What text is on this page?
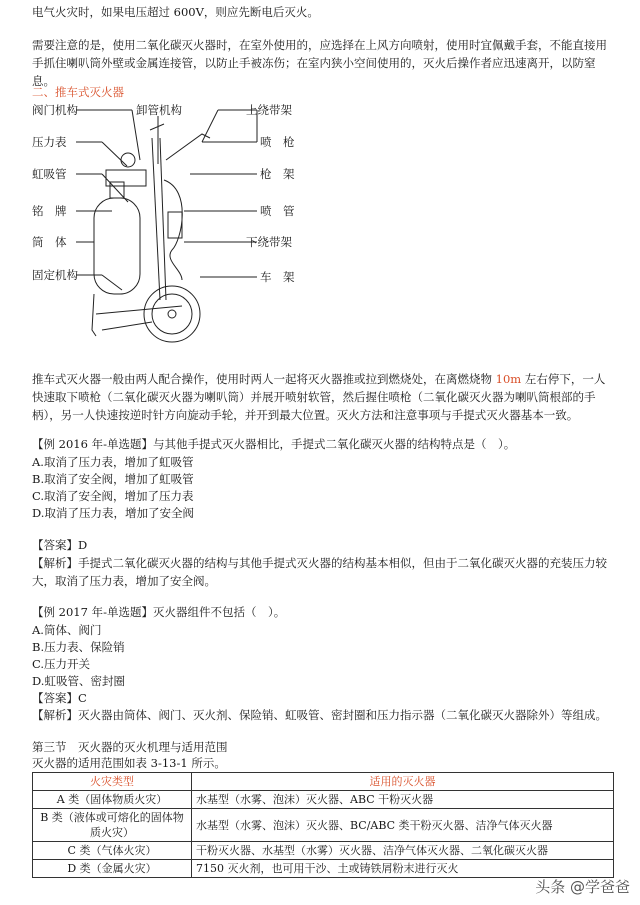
电气火灾时，如果电压超过 600V，则应先断电后灭火。
需要注意的是，使用二氧化碳灭火器时，在室外使用的，应选择在上风方向喷射，使用时宜佩戴手套，不能直接用手抓住喇叭筒外壁或金属连接管，以防止手被冻伤；在室内狭小空间使用的，灭火后操作者应迅速离开，以防窒息。
二、推车式灭火器
阀门机构
压力表
虹吸管
铭　牌
筒　体
固定机构
卸管机构	上绕带架
喷　枪
枪　架
喷　管
下绕带架
车　架
推车式灭火器一般由两人配合操作，使用时两人一起将灭火器推或拉到燃烧处，在离燃烧物 10m 左右停下，一人快速取下喷枪（二氧化碳灭火器为喇叭筒）并展开喷射软管，然后握住喷枪（二氧化碳灭火器为喇叭筒根部的手柄），另一人快速按逆时针方向旋动手轮，并开到最大位置。灭火方法和注意事项与手提式灭火器基本一致。
【例 2016 年-单选题】与其他手提式灭火器相比，手提式二氧化碳灭火器的结构特点是（　）。
A.取消了压力表，增加了虹吸管
B.取消了安全阀，增加了虹吸管
C.取消了安全阀，增加了压力表
D.取消了压力表，增加了安全阀
【答案】D
【解析】手提式二氧化碳灭火器的结构与其他手提式灭火器的结构基本相似，但由于二氧化碳灭火器的充装压力较大，取消了压力表，增加了安全阀。
【例 2017 年-单选题】灭火器组件不包括（　）。
A.筒体、阀门
B.压力表、保险销
C.压力开关
D.虹吸管、密封圈
【答案】C
【解析】灭火器由筒体、阀门、灭火剂、保险销、虹吸管、密封圈和压力指示器（二氧化碳灭火器除外）等组成。
第三节　灭火器的灭火机理与适用范围
灭火器的适用范围如表 3-13-1 所示。
火灾类型	适用的灭火器
A 类（固体物质火灾）	水基型（水雾、泡沫）灭火器、ABC 干粉灭火器
B 类（液体或可熔化的固体物质火灾）	水基型（水雾、泡沫）灭火器、BC/ABC 类干粉灭火器、洁净气体灭火器
C 类（气体火灾）	干粉灭火器、水基型（水雾）灭火器、洁净气体灭火器、二氧化碳灭火器
D 类（金属火灾）	7150 灭火剂，也可用干沙、土或铸铁屑粉末进行灭火
头条 @学爸爸
